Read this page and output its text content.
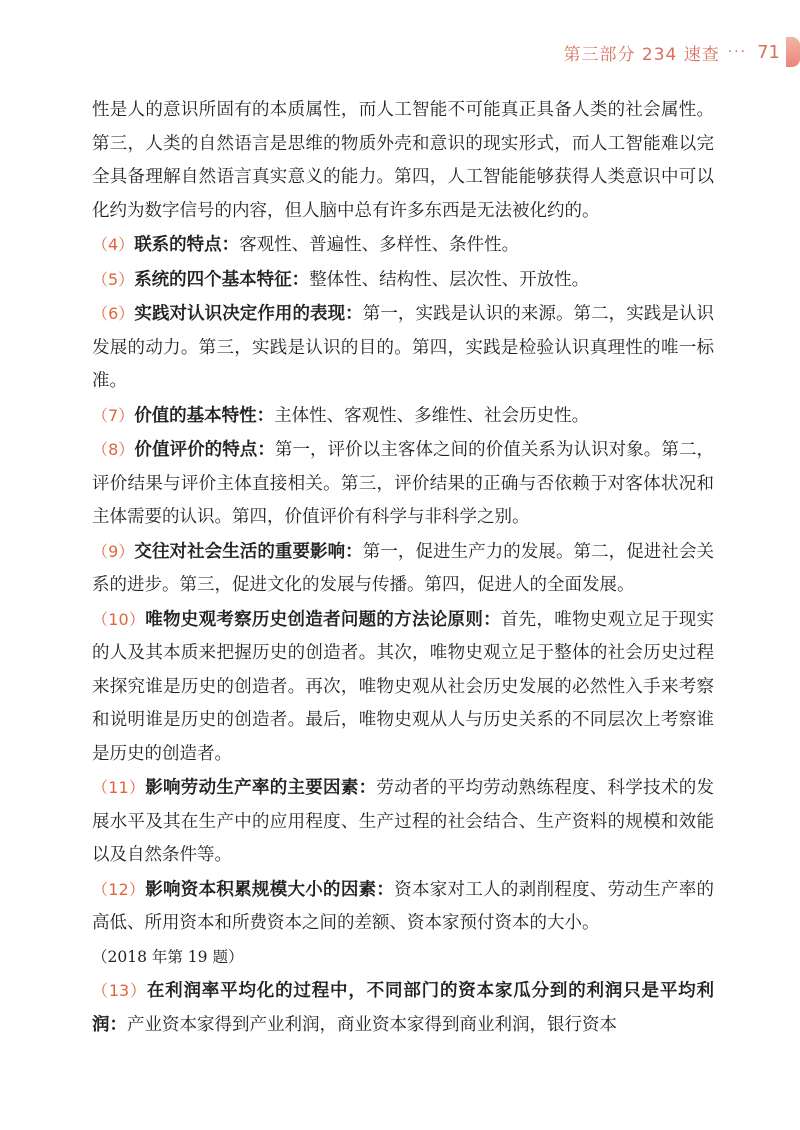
第三部分 234 速查 ··· 71

性是人的意识所固有的本质属性，而人工智能不可能真正具备人类的社会属性。第三，人类的自然语言是思维的物质外壳和意识的现实形式，而人工智能难以完全具备理解自然语言真实意义的能力。第四，人工智能能够获得人类意识中可以化约为数字信号的内容，但人脑中总有许多东西是无法被化约的。

（4）联系的特点：客观性、普遍性、多样性、条件性。

（5）系统的四个基本特征：整体性、结构性、层次性、开放性。

（6）实践对认识决定作用的表现：第一，实践是认识的来源。第二，实践是认识发展的动力。第三，实践是认识的目的。第四，实践是检验认识真理性的唯一标准。

（7）价值的基本特性：主体性、客观性、多维性、社会历史性。

（8）价值评价的特点：第一，评价以主客体之间的价值关系为认识对象。第二，评价结果与评价主体直接相关。第三，评价结果的正确与否依赖于对客体状况和主体需要的认识。第四，价值评价有科学与非科学之别。

（9）交往对社会生活的重要影响：第一，促进生产力的发展。第二，促进社会关系的进步。第三，促进文化的发展与传播。第四，促进人的全面发展。

（10）唯物史观考察历史创造者问题的方法论原则：首先，唯物史观立足于现实的人及其本质来把握历史的创造者。其次，唯物史观立足于整体的社会历史过程来探究谁是历史的创造者。再次，唯物史观从社会历史发展的必然性入手来考察和说明谁是历史的创造者。最后，唯物史观从人与历史关系的不同层次上考察谁是历史的创造者。

（11）影响劳动生产率的主要因素：劳动者的平均劳动熟练程度、科学技术的发展水平及其在生产中的应用程度、生产过程的社会结合、生产资料的规模和效能以及自然条件等。

（12）影响资本积累规模大小的因素：资本家对工人的剥削程度、劳动生产率的高低、所用资本和所费资本之间的差额、资本家预付资本的大小。

（2018 年第 19 题）

（13）在利润率平均化的过程中，不同部门的资本家瓜分到的利润只是平均利润：产业资本家得到产业利润，商业资本家得到商业利润，银行资本
